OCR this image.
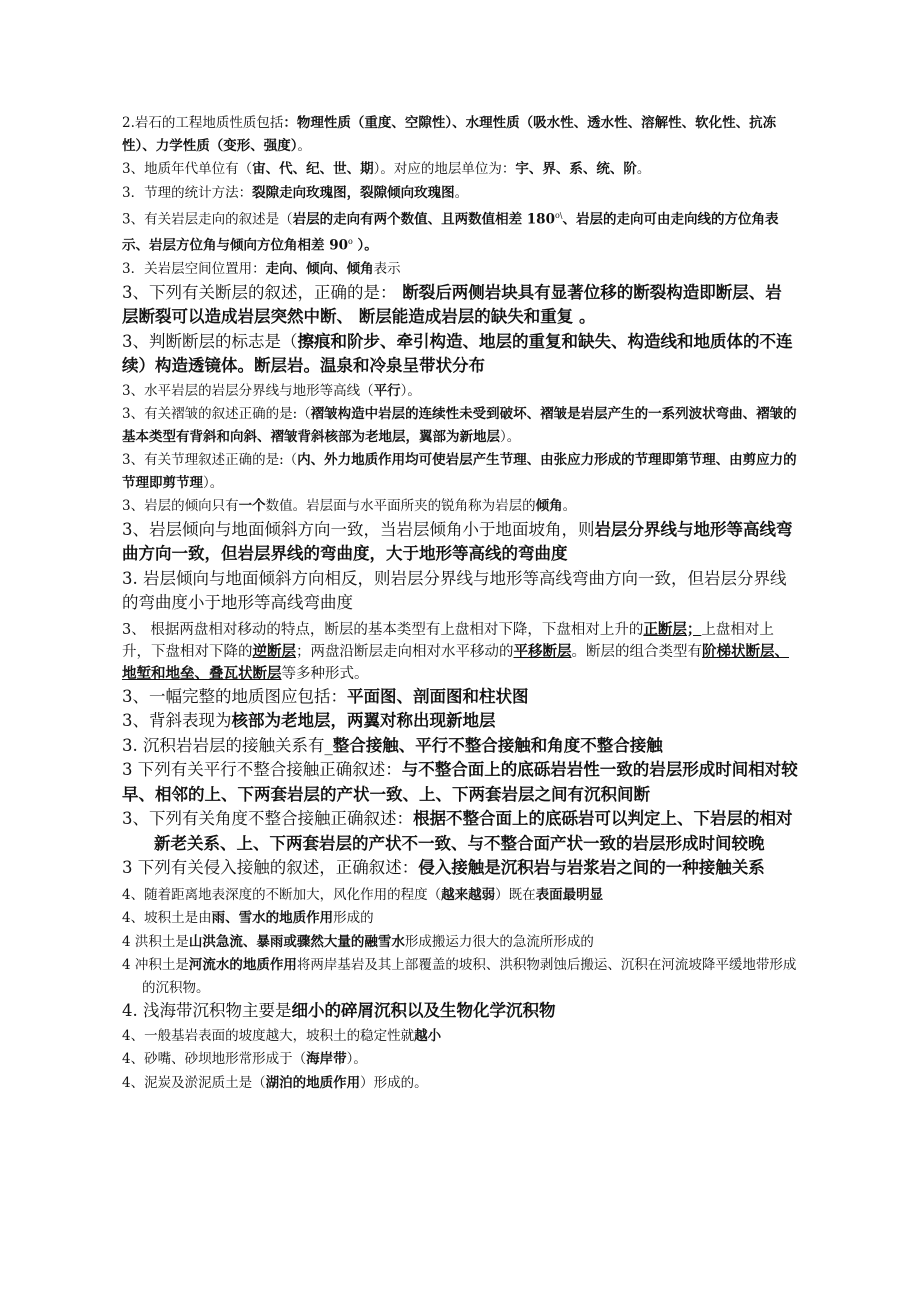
2.岩石的工程地质性质包括：物理性质（重度、空隙性）、水理性质（吸水性、透水性、溶解性、软化性、抗冻性）、力学性质（变形、强度）。

3、地质年代单位有（宙、代、纪、世、期）。对应的地层单位为：宇、界、系、统、阶。

3．节理的统计方法：裂隙走向玫瑰图，裂隙倾向玫瑰图。

3、有关岩层走向的叙述是（岩层的走向有两个数值、且两数值相差 $180^{o\backslash}$、岩层的走向可由走向线的方位角表示、岩层方位角与倾向方位角相差 90$^o$ ）。

3．关岩层空间位置用：走向、倾向、倾角表示

3、下列有关断层的叙述，正确的是： 断裂后两侧岩块具有显著位移的断裂构造即断层、岩层断裂可以造成岩层突然中断、 断层能造成岩层的缺失和重复 。

3、判断断层的标志是（擦痕和阶步、牵引构造、地层的重复和缺失、构造线和地质体的不连续）构造透镜体。断层岩。温泉和冷泉呈带状分布

3、水平岩层的岩层分界线与地形等高线（平行）。

3、有关褶皱的叙述正确的是:（褶皱构造中岩层的连续性未受到破坏、褶皱是岩层产生的一系列波状弯曲、褶皱的基本类型有背斜和向斜、褶皱背斜核部为老地层，翼部为新地层）。

3、有关节理叙述正确的是:（内、外力地质作用均可使岩层产生节理、由张应力形成的节理即第节理、由剪应力的节理即剪节理）。

3、岩层的倾向只有一个数值。岩层面与水平面所夹的锐角称为岩层的倾角。

3、岩层倾向与地面倾斜方向一致，当岩层倾角小于地面坡角，则岩层分界线与地形等高线弯曲方向一致，但岩层界线的弯曲度，大于地形等高线的弯曲度

3. 岩层倾向与地面倾斜方向相反，则岩层分界线与地形等高线弯曲方向一致，但岩层分界线的弯曲度小于地形等高线弯曲度

3、 根据两盘相对移动的特点，断层的基本类型有上盘相对下降，下盘相对上升的正断层；上盘相对上升，下盘相对下降的逆断层；两盘沿断层走向相对水平移动的平移断层。断层的组合类型有阶梯状断层、地堑和地垒、叠瓦状断层等多种形式。

3、一幅完整的地质图应包括：平面图、剖面图和柱状图

3、背斜表现为核部为老地层，两翼对称出现新地层

3. 沉积岩岩层的接触关系有_整合接触、平行不整合接触和角度不整合接触

3 下列有关平行不整合接触正确叙述：与不整合面上的底砾岩岩性一致的岩层形成时间相对较早、相邻的上、下两套岩层的产状一致、上、下两套岩层之间有沉积间断

3、下列有关角度不整合接触正确叙述：根据不整合面上的底砾岩可以判定上、下岩层的相对新老关系、上、下两套岩层的产状不一致、与不整合面产状一致的岩层形成时间较晚

3 下列有关侵入接触的叙述，正确叙述：侵入接触是沉积岩与岩浆岩之间的一种接触关系

4、随着距离地表深度的不断加大，风化作用的程度（越来越弱）既在表面最明显

4、坡积土是由雨、雪水的地质作用形成的

4 洪积土是山洪急流、暴雨或骤然大量的融雪水形成搬运力很大的急流所形成的

4 冲积土是河流水的地质作用将两岸基岩及其上部覆盖的坡积、洪积物剥蚀后搬运、沉积在河流坡降平缓地带形成的沉积物。

4. 浅海带沉积物主要是细小的碎屑沉积以及生物化学沉积物

4、一般基岩表面的坡度越大，坡积土的稳定性就越小

4、砂嘴、砂坝地形常形成于（海岸带）。

4、泥炭及淤泥质土是（湖泊的地质作用）形成的。
